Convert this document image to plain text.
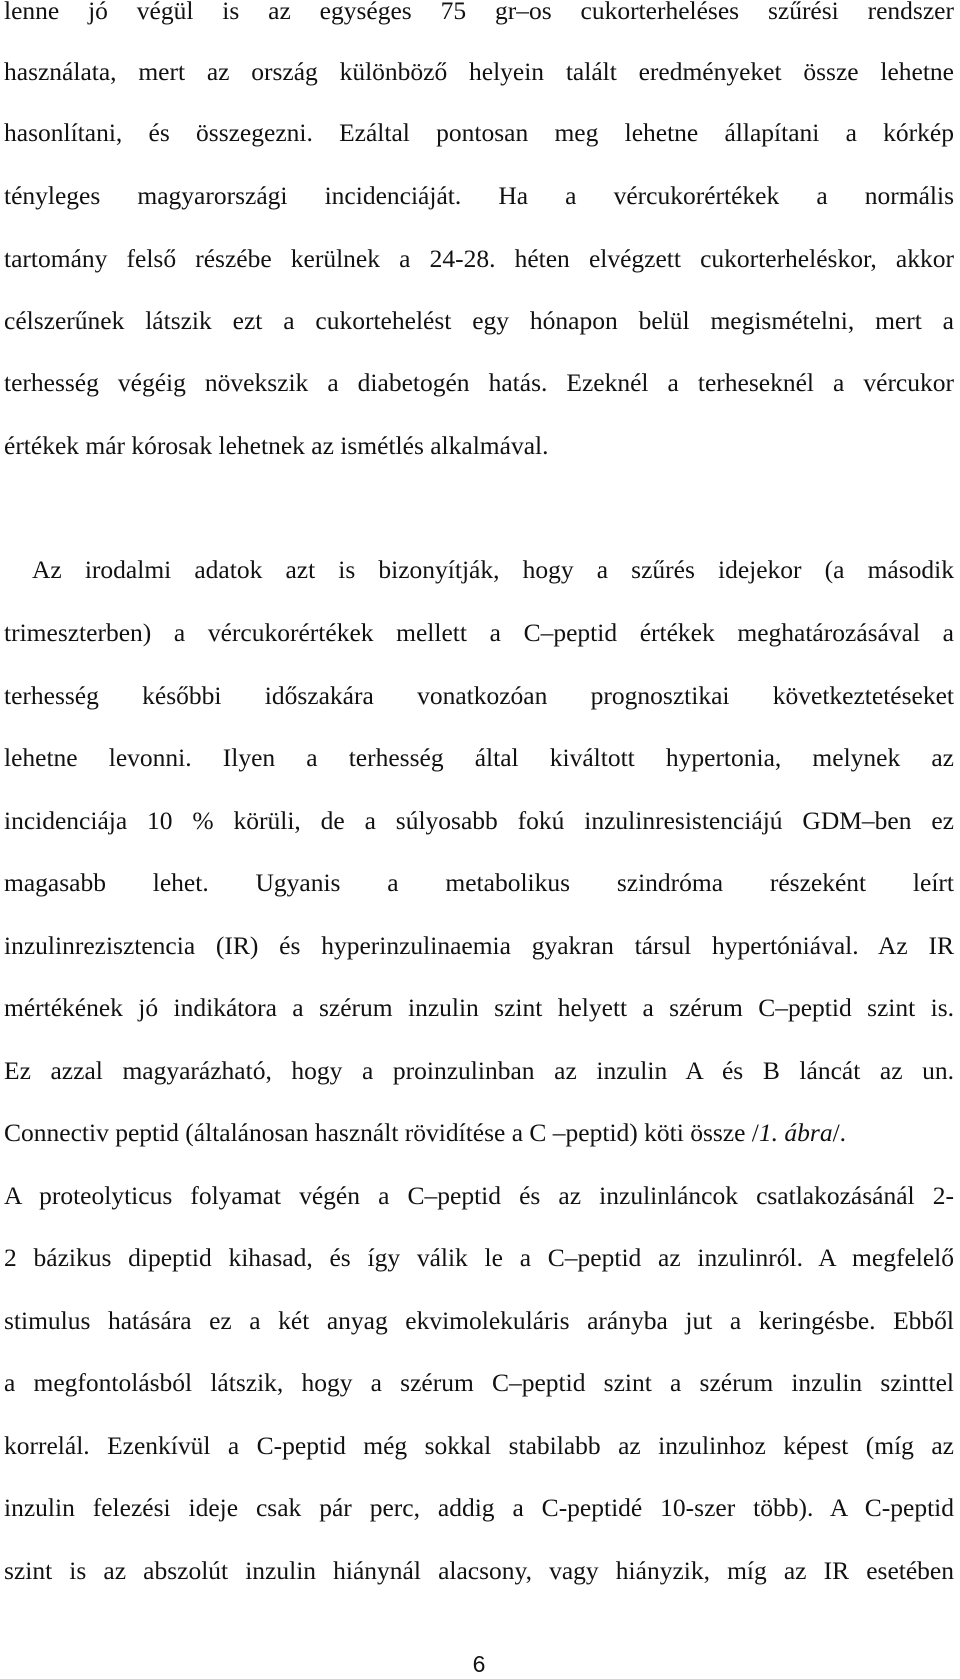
lenne jó végül is az egységes 75 gr–os cukorterheléses szűrési rendszer
használata, mert az ország különböző helyein talált eredményeket össze lehetne
hasonlítani, és összegezni. Ezáltal pontosan meg lehetne állapítani a kórkép
tényleges magyarországi incidenciáját. Ha a vércukorértékek a normális
tartomány felső részébe kerülnek a 24-28. héten elvégzett cukorterheléskor, akkor
célszerűnek látszik ezt a cukortehelést egy hónapon belül megismételni, mert a
terhesség végéig növekszik a diabetogén hatás. Ezeknél a terheseknél a vércukor
értékek már kórosak lehetnek az ismétlés alkalmával.
Az irodalmi adatok azt is bizonyítják, hogy a szűrés idejekor (a második
trimeszterben) a vércukorértékek mellett a C–peptid értékek meghatározásával a
terhesség későbbi időszakára vonatkozóan prognosztikai következtetéseket
lehetne levonni. Ilyen a terhesség által kiváltott hypertonia, melynek az
incidenciája 10 % körüli, de a súlyosabb fokú inzulinresistenciájú GDM–ben ez
magasabb lehet. Ugyanis a metabolikus szindróma részeként leírt
inzulinrezisztencia (IR) és hyperinzulinaemia gyakran társul hypertóniával. Az IR
mértékének jó indikátora a szérum inzulin szint helyett a szérum C–peptid szint is.
Ez azzal magyarázható, hogy a proinzulinban az inzulin A és B láncát az un.
Connectiv peptid (általánosan használt rövidítése a C –peptid) köti össze /1. ábra/.
A proteolyticus folyamat végén a C–peptid és az inzulinláncok csatlakozásánál 2-
2 bázikus dipeptid kihasad, és így válik le a C–peptid az inzulinról. A megfelelő
stimulus hatására ez a két anyag ekvimolekuláris arányba jut a keringésbe. Ebből
a megfontolásból látszik, hogy a szérum C–peptid szint a szérum inzulin szinttel
korrelál. Ezenkívül a C-peptid még sokkal stabilabb az inzulinhoz képest (míg az
inzulin felezési ideje csak pár perc, addig a C-peptidé 10-szer több). A C-peptid
szint is az abszolút inzulin hiánynál alacsony, vagy hiányzik, míg az IR esetében
6
